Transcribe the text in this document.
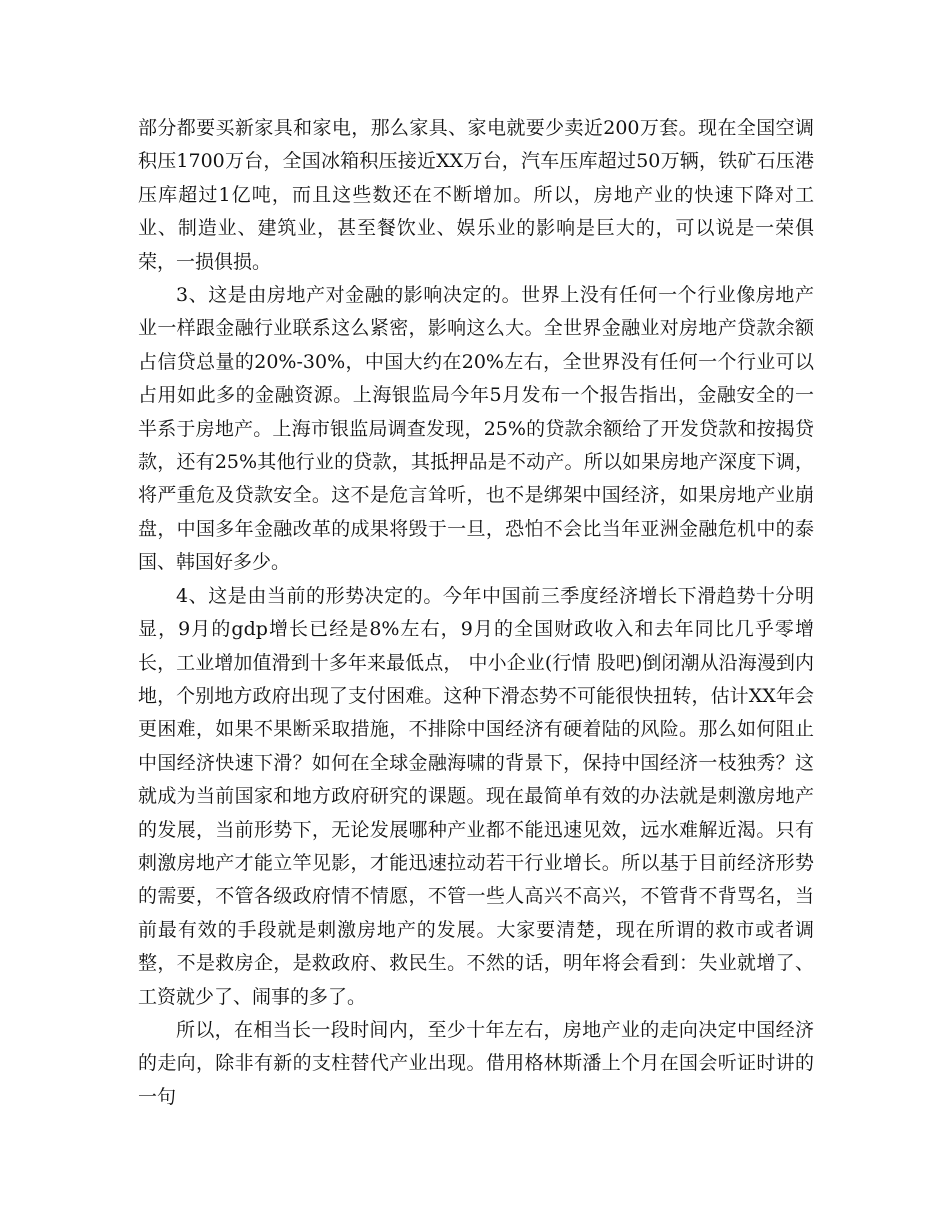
部分都要买新家具和家电，那么家具、家电就要少卖近200万套。现在全国空调积压1700万台，全国冰箱积压接近XX万台，汽车压库超过50万辆，铁矿石压港压库超过1亿吨，而且这些数还在不断增加。所以，房地产业的快速下降对工业、制造业、建筑业，甚至餐饮业、娱乐业的影响是巨大的，可以说是一荣俱荣，一损俱损。

3、这是由房地产对金融的影响决定的。世界上没有任何一个行业像房地产业一样跟金融行业联系这么紧密，影响这么大。全世界金融业对房地产贷款余额占信贷总量的20%-30%，中国大约在20%左右，全世界没有任何一个行业可以占用如此多的金融资源。上海银监局今年5月发布一个报告指出，金融安全的一半系于房地产。上海市银监局调查发现，25%的贷款余额给了开发贷款和按揭贷款，还有25%其他行业的贷款，其抵押品是不动产。所以如果房地产深度下调，将严重危及贷款安全。这不是危言耸听，也不是绑架中国经济，如果房地产业崩盘，中国多年金融改革的成果将毁于一旦，恐怕不会比当年亚洲金融危机中的泰国、韩国好多少。

4、这是由当前的形势决定的。今年中国前三季度经济增长下滑趋势十分明显，9月的gdp增长已经是8%左右，9月的全国财政收入和去年同比几乎零增长，工业增加值滑到十多年来最低点， 中小企业(行情 股吧)倒闭潮从沿海漫到内地，个别地方政府出现了支付困难。这种下滑态势不可能很快扭转，估计XX年会更困难，如果不果断采取措施，不排除中国经济有硬着陆的风险。那么如何阻止中国经济快速下滑？如何在全球金融海啸的背景下，保持中国经济一枝独秀？这就成为当前国家和地方政府研究的课题。现在最简单有效的办法就是刺激房地产的发展，当前形势下，无论发展哪种产业都不能迅速见效，远水难解近渴。只有刺激房地产才能立竿见影，才能迅速拉动若干行业增长。所以基于目前经济形势的需要，不管各级政府情不情愿，不管一些人高兴不高兴，不管背不背骂名，当前最有效的手段就是刺激房地产的发展。大家要清楚，现在所谓的救市或者调整，不是救房企，是救政府、救民生。不然的话，明年将会看到：失业就增了、工资就少了、闹事的多了。

所以，在相当长一段时间内，至少十年左右，房地产业的走向决定中国经济的走向，除非有新的支柱替代产业出现。借用格林斯潘上个月在国会听证时讲的一句
